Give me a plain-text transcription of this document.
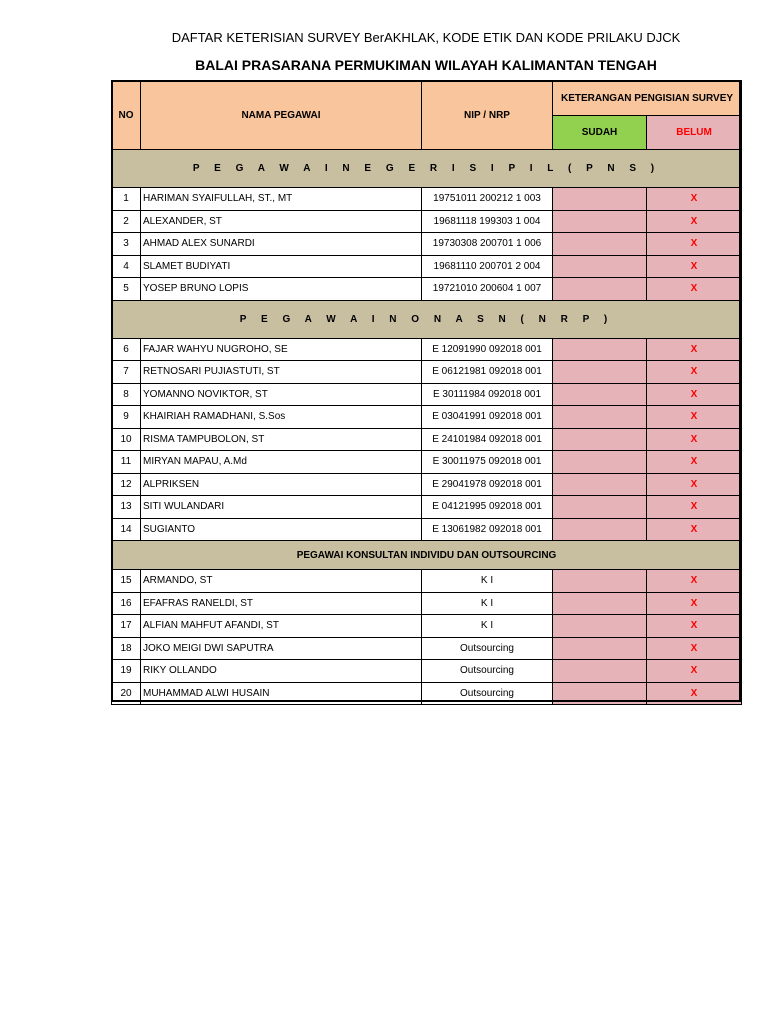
DAFTAR KETERISIAN SURVEY BerAKHLAK, KODE ETIK DAN KODE PRILAKU DJCK
BALAI PRASARANA PERMUKIMAN WILAYAH KALIMANTAN TENGAH
NO	NAMA PEGAWAI	NIP / NRP	KETERANGAN PENGISIAN SURVEY	
			SUDAH	BELUM
P E G A W A I N E G E R I S I P I L ( P N S )				
1	HARIMAN SYAIFULLAH, ST., MT	19751011 200212 1 003		X
2	ALEXANDER, ST	19681118 199303 1 004		X
3	AHMAD ALEX SUNARDI	19730308 200701 1 006		X
4	SLAMET BUDIYATI	19681110 200701 2 004		X
5	YOSEP BRUNO LOPIS	19721010 200604 1 007		X
P E G A W A I N O N A S N ( N R P )				
6	FAJAR WAHYU NUGROHO, SE	E 12091990 092018 001		X
7	RETNOSARI PUJIASTUTI, ST	E 06121981 092018 001		X
8	YOMANNO NOVIKTOR, ST	E 30111984 092018 001		X
9	KHAIRIAH RAMADHANI, S.Sos	E 03041991 092018 001		X
10	RISMA TAMPUBOLON, ST	E 24101984 092018 001		X
11	MIRYAN MAPAU, A.Md	E 30011975 092018 001		X
12	ALPRIKSEN	E 29041978 092018 001		X
13	SITI WULANDARI	E 04121995 092018 001		X
14	SUGIANTO	E 13061982 092018 001		X
PEGAWAI KONSULTAN INDIVIDU DAN OUTSOURCING				
15	ARMANDO, ST	K I		X
16	EFAFRAS RANELDI, ST	K I		X
17	ALFIAN MAHFUT AFANDI, ST	K I		X
18	JOKO MEIGI DWI SAPUTRA	Outsourcing		X
19	RIKY OLLANDO	Outsourcing		X
20	MUHAMMAD ALWI HUSAIN	Outsourcing		X
